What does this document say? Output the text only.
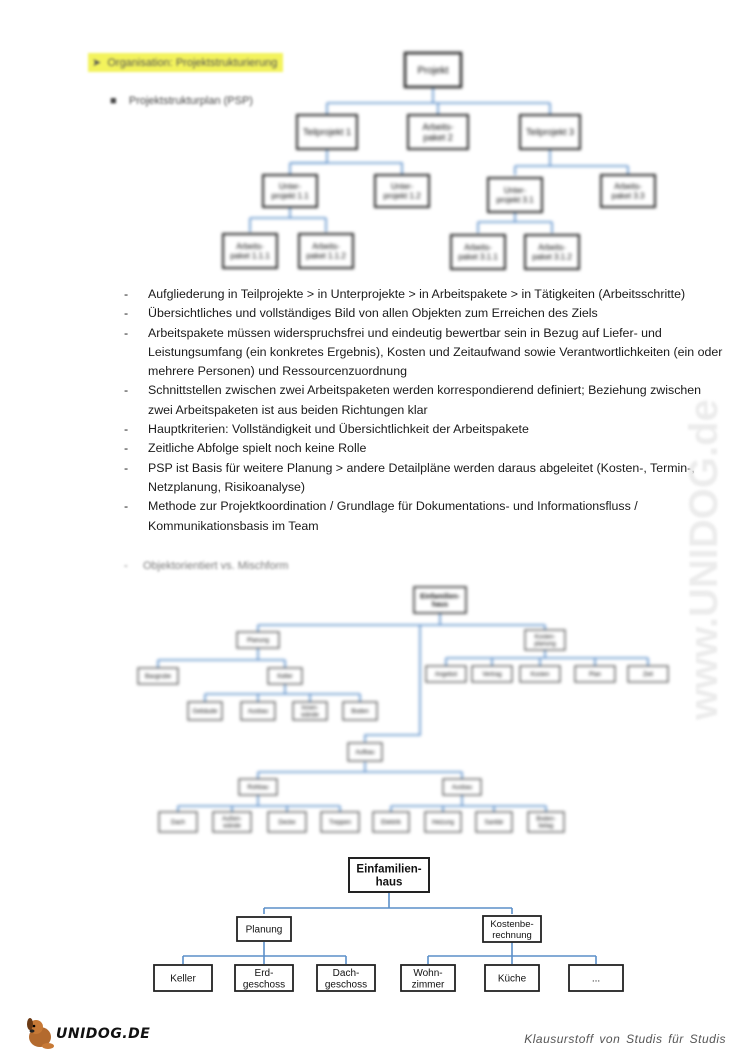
➤  Organisation: Projektstrukturierung
■    Projektstrukturplan (PSP)
Projekt
Teilprojekt 1
Arbeits-paket 2
Teilprojekt 3
Unter-projekt 1.1
Unter-projekt 1.2
Unter-projekt 3.1
Arbeits-paket 3.3
Arbeits-paket 1.1.1
Arbeits-paket 1.1.2
Arbeits-paket 3.1.1
Arbeits-paket 3.1.2
- Aufgliederung in Teilprojekte > in Unterprojekte > in Arbeitspakete > in Tätigkeiten (Arbeitsschritte)
- Übersichtliches und vollständiges Bild von allen Objekten zum Erreichen des Ziels
- Arbeitspakete müssen widerspruchsfrei und eindeutig bewertbar sein in Bezug auf Liefer- und Leistungsumfang (ein konkretes Ergebnis), Kosten und Zeitaufwand sowie Verantwortlichkeiten (ein oder mehrere Personen) und Ressourcenzuordnung
- Schnittstellen zwischen zwei Arbeitspaketen werden korrespondierend definiert; Beziehung zwischen zwei Arbeitspaketen ist aus beiden Richtungen klar
- Hauptkriterien: Vollständigkeit und Übersichtlichkeit der Arbeitspakete
- Zeitliche Abfolge spielt noch keine Rolle
- PSP ist Basis für weitere Planung > andere Detailpläne werden daraus abgeleitet (Kosten-, Termin-, Netzplanung, Risikoanalyse)
- Methode zur Projektkoordination / Grundlage für Dokumentations- und Informationsfluss / Kommunikationsbasis im Team
-     Objektorientiert vs. Mischform
Einfamilien-haus
Planung
Kosten-planung
Baugrube	Keller
Gebäude	Ausbau
Innen-wände
Boden
Angebot	Vertrag	Kosten	Plan	Zeit
Aufbau
Rohbau	Ausbau
Dach
Außen-wände
Decke	Treppen	Elektrik	Heizung	Sanitär
Boden-belag
Einfamilien-haus
Planung
Kostenbe-rechnung
Keller
Erd-geschoss
Dach-geschoss
Wohn-zimmer
Küche	...
www.UNIDOG.de
UNIDOG.DE	Klausurstoff von Studis für Studis
